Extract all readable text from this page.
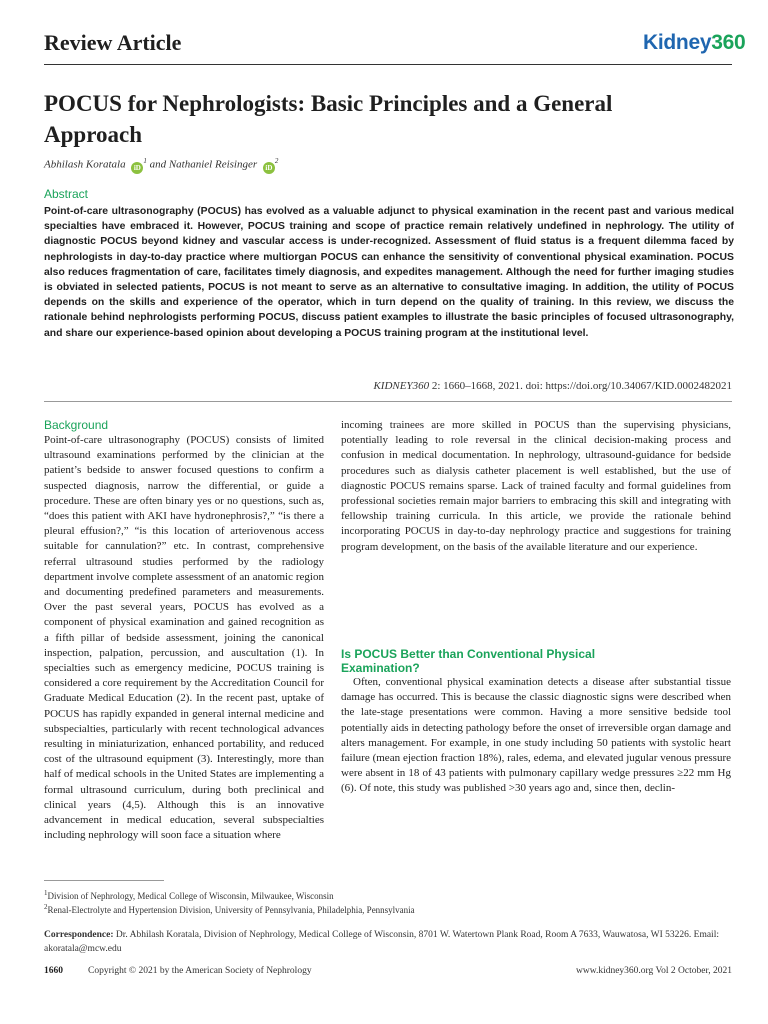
Review Article	Kidney360
POCUS for Nephrologists: Basic Principles and a General Approach
Abhilash Koratala $iD^1$ and Nathaniel Reisinger $iD^2$
Abstract
Point-of-care ultrasonography (POCUS) has evolved as a valuable adjunct to physical examination in the recent past and various medical specialties have embraced it. However, POCUS training and scope of practice remain relatively undefined in nephrology. The utility of diagnostic POCUS beyond kidney and vascular access is under-recognized. Assessment of fluid status is a frequent dilemma faced by nephrologists in day-to-day practice where multiorgan POCUS can enhance the sensitivity of conventional physical examination. POCUS also reduces fragmentation of care, facilitates timely diagnosis, and expedites management. Although the need for further imaging studies is obviated in selected patients, POCUS is not meant to serve as an alternative to consultative imaging. In addition, the utility of POCUS depends on the skills and experience of the operator, which in turn depend on the quality of training. In this review, we discuss the rationale behind nephrologists performing POCUS, discuss patient examples to illustrate the basic principles of focused ultrasonography, and share our experience-based opinion about developing a POCUS training program at the institutional level.
KIDNEY360 2: 1660–1668, 2021. doi: https://doi.org/10.34067/KID.0002482021
Background

Point-of-care ultrasonography (POCUS) consists of limited ultrasound examinations performed by the clinician at the patient’s bedside to answer focused questions to confirm a suspected diagnosis, narrow the differential, or guide a procedure. These are often binary yes or no questions, such as, “does this patient with AKI have hydronephrosis?,” “is there a pleural effusion?,” “is this location of arteriovenous access suitable for cannulation?” etc. In contrast, comprehensive referral ultrasound studies performed by the radiology department involve complete assessment of an anatomic region and documenting predefined parameters and measurements. Over the past several years, POCUS has evolved as a component of physical examination and gained recognition as a fifth pillar of bedside assessment, joining the canonical inspection, palpation, percussion, and auscultation (1). In specialties such as emergency medicine, POCUS training is considered a core requirement by the Accreditation Council for Graduate Medical Education (2). In the recent past, uptake of POCUS has rapidly expanded in general internal medicine and subspecialties, particularly with recent technological advances resulting in miniaturization, enhanced portability, and reduced cost of the ultrasound equipment (3). Interestingly, more than half of medical schools in the United States are implementing a formal ultrasound curriculum, during both preclinical and clinical years (4,5). Although this is an innovative advancement in medical education, several subspecialties including nephrology will soon face a situation where

incoming trainees are more skilled in POCUS than the supervising physicians, potentially leading to role reversal in the clinical decision-making process and confusion in medical documentation. In nephrology, ultrasound-guidance for bedside procedures such as dialysis catheter placement is well established, but the use of diagnostic POCUS remains sparse. Lack of trained faculty and formal guidelines from professional societies remain major barriers to embracing this skill and integrating with fellowship training curricula. In this article, we provide the rationale behind incorporating POCUS in day-to-day nephrology practice and suggestions for training program development, on the basis of the available literature and our experience.

Is POCUS Better than Conventional Physical Examination?

Often, conventional physical examination detects a disease after substantial tissue damage has occurred. This is because the classic diagnostic signs were described when the late-stage presentations were common. Having a more sensitive bedside tool potentially aids in detecting pathology before the onset of irreversible organ damage and alters management. For example, in one study including 50 patients with systolic heart failure (mean ejection fraction 18%), rales, edema, and elevated jugular venous pressure were absent in 18 of 43 patients with pulmonary capillary wedge pressures ≥22 mm Hg (6). Of note, this study was published >30 years ago and, since then, declin-

$^1$Division of Nephrology, Medical College of Wisconsin, Milwaukee, Wisconsin
$^2$Renal-Electrolyte and Hypertension Division, University of Pennsylvania, Philadelphia, Pennsylvania
Correspondence: Dr. Abhilash Koratala, Division of Nephrology, Medical College of Wisconsin, 8701 W. Watertown Plank Road, Room A 7633, Wauwatosa, WI 53226. Email: akoratala@mcw.edu
1660	Copyright © 2021 by the American Society of Nephrology	www.kidney360.org Vol 2 October, 2021
